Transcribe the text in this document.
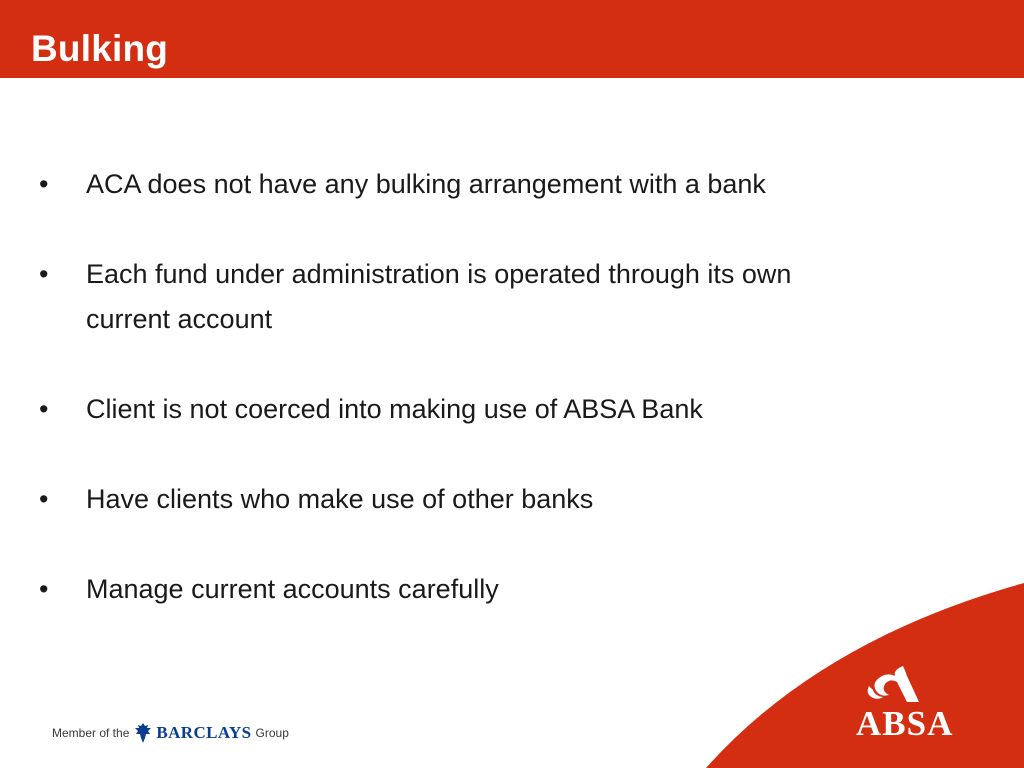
Bulking
• ACA does not have any bulking arrangement with a bank
• Each fund under administration is operated through its own current account
• Client is not coerced into making use of ABSA Bank
• Have clients who make use of other banks
• Manage current accounts carefully
Member of the BARCLAYS Group	ABSA
